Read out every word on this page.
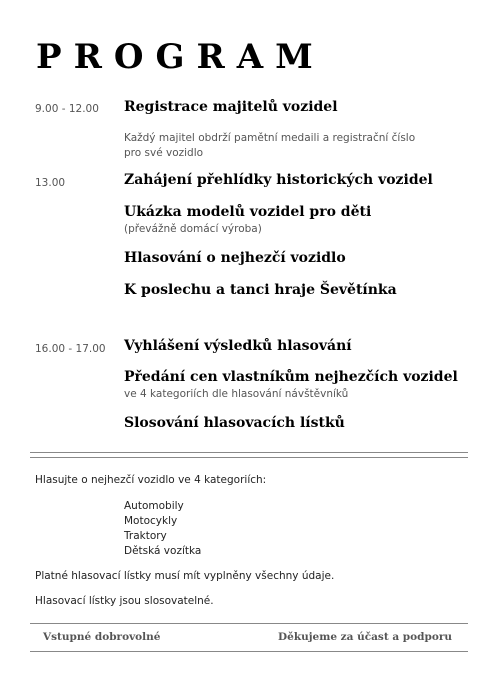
PROGRAM
9.00 - 12.00 Registrace majitelů vozidel
Každý majitel obdrží pamětní medaili a registrační číslo
pro své vozidlo
13.00	Zahájení přehlídky historických vozidel
Ukázka modelů vozidel pro děti
(převážně domácí výroba)
Hlasování o nejhezčí vozidlo
K poslechu a tanci hraje Ševětínka
16.00 - 17.00 Vyhlášení výsledků hlasování
Předání cen vlastníkům nejhezčích vozidel
ve 4 kategoriích dle hlasování návštěvníků
Slosování hlasovacích lístků
Hlasujte o nejhezčí vozidlo ve 4 kategoriích:
Automobily
Motocykly
Traktory
Dětská vozítka
Platné hlasovací lístky musí mít vyplněny všechny údaje.
Hlasovací lístky jsou slosovatelné.
Vstupné dobrovolné	Děkujeme za účast a podporu
